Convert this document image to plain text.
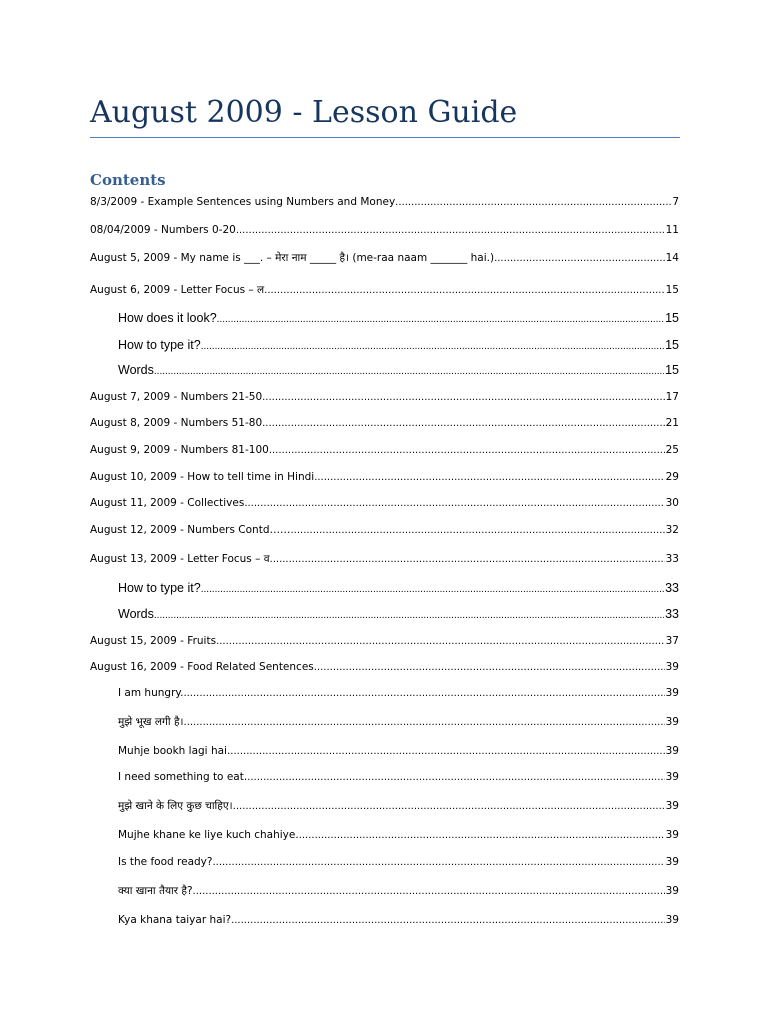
August 2009 - Lesson Guide
Contents
8/3/2009 - Example Sentences using Numbers and Money .....	7
08/04/2009 - Numbers 0-20 .....	11
August 5, 2009 - My name is ___. – मेरा नाम _____ है। (me-raa naam _______ hai.) .....	14
August 6, 2009 - Letter Focus – ल .....	15
How does it look? .....	15
How to type it? .....	15
Words .....	15
August 7, 2009 - Numbers 21-50 .....	17
August 8, 2009 - Numbers 51-80 .....	21
August 9, 2009 - Numbers 81-100 .....	25
August 10, 2009 - How to tell time in Hindi .....	29
August 11, 2009 - Collectives .....	30
August 12, 2009 - Numbers Contd…… .....	32
August 13, 2009 - Letter Focus – व .....	33
How to type it? .....	33
Words .....	33
August 15, 2009 - Fruits .....	37
August 16, 2009 - Food Related Sentences .....	39
I am hungry. .....	39
मुझे भूख लगी है। .....	39
Muhje bookh lagi hai. .....	39
I need something to eat. .....	39
मुझे खाने के लिए कुछ चाहिए। .....	39
Mujhe khane ke liye kuch chahiye. .....	39
Is the food ready? .....	39
क्या खाना तैयार है? .....	39
Kya khana taiyar hai? .....	39
